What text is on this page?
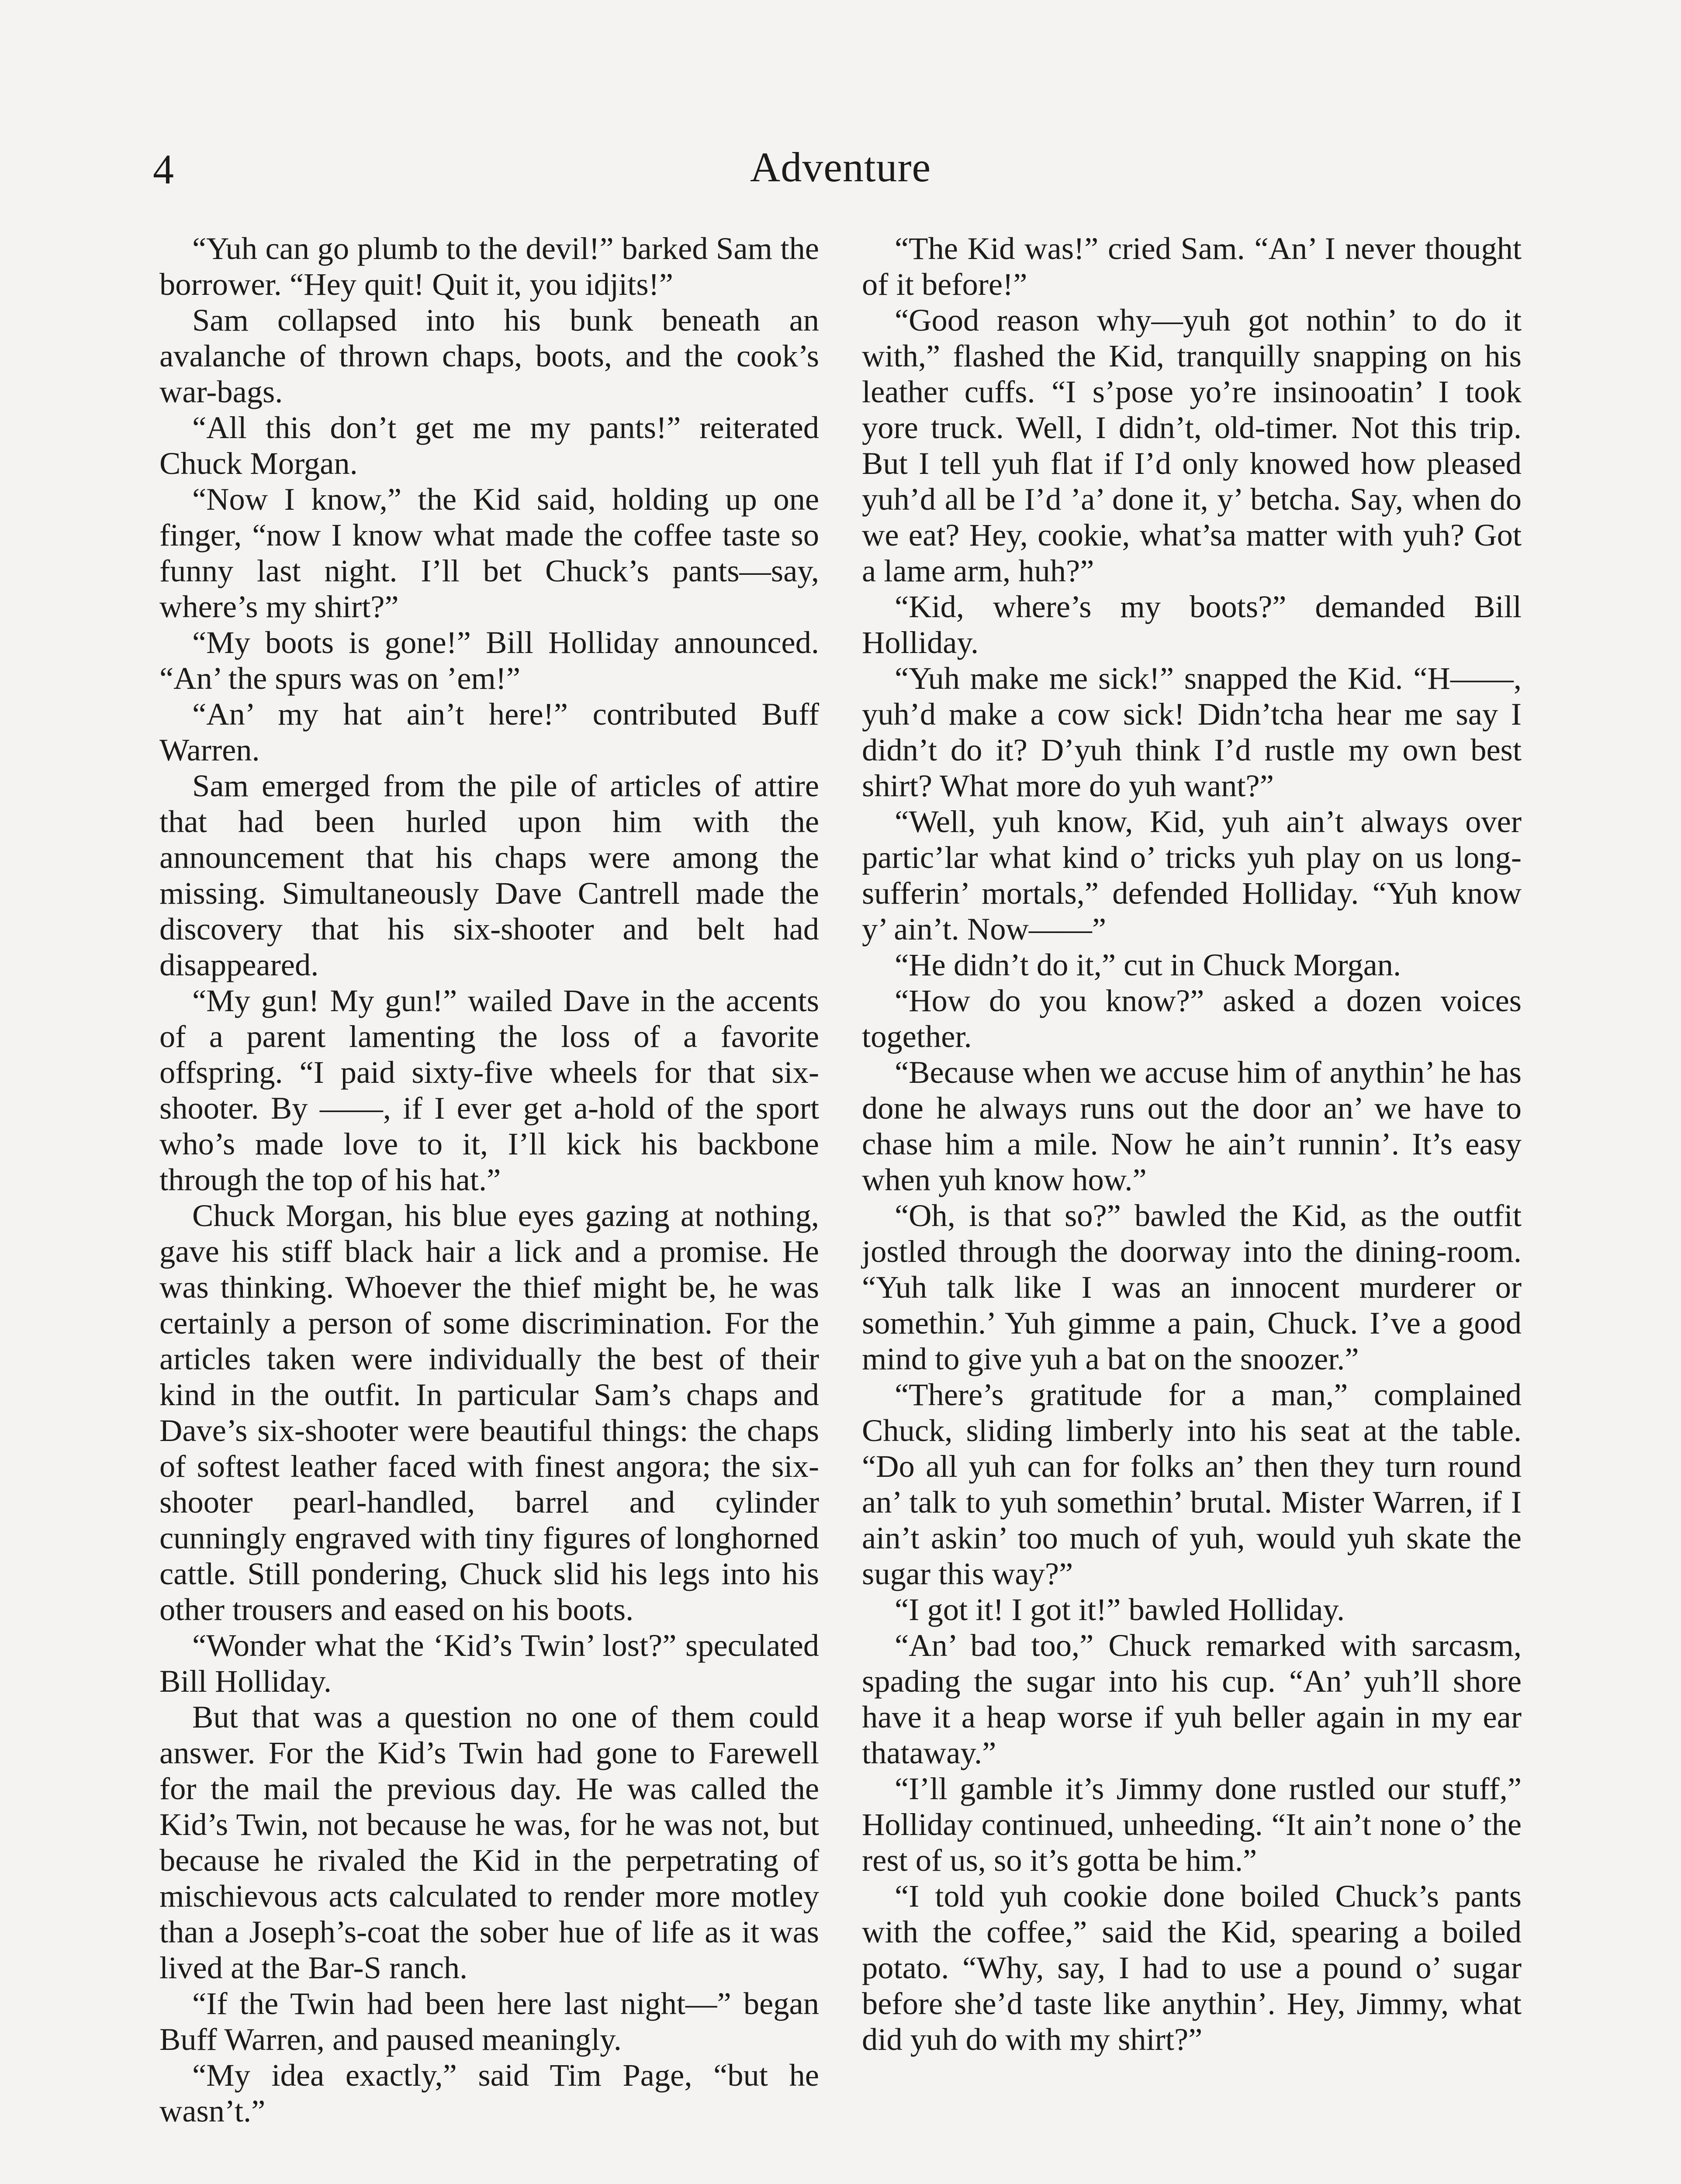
4	Adventure

“Yuh can go plumb to the devil!” barked Sam the borrower. “Hey quit! Quit it, you idjits!”

Sam collapsed into his bunk beneath an avalanche of thrown chaps, boots, and the cook’s war-bags.

“All this don’t get me my pants!” reiterated Chuck Morgan.

“Now I know,” the Kid said, holding up one finger, “now I know what made the coffee taste so funny last night. I’ll bet Chuck’s pants—say, where’s my shirt?”

“My boots is gone!” Bill Holliday announced. “An’ the spurs was on ’em!”

“An’ my hat ain’t here!” contributed Buff Warren.

Sam emerged from the pile of articles of attire that had been hurled upon him with the announcement that his chaps were among the missing. Simultaneously Dave Cantrell made the discovery that his six-shooter and belt had disappeared.

“My gun! My gun!” wailed Dave in the accents of a parent lamenting the loss of a favorite offspring. “I paid sixty-five wheels for that six-shooter. By ——, if I ever get a-hold of the sport who’s made love to it, I’ll kick his backbone through the top of his hat.”

Chuck Morgan, his blue eyes gazing at nothing, gave his stiff black hair a lick and a promise. He was thinking. Whoever the thief might be, he was certainly a person of some discrimination. For the articles taken were individually the best of their kind in the outfit. In particular Sam’s chaps and Dave’s six-shooter were beautiful things: the chaps of softest leather faced with finest angora; the six-shooter pearl-handled, barrel and cylinder cunningly engraved with tiny figures of longhorned cattle. Still pondering, Chuck slid his legs into his other trousers and eased on his boots.

“Wonder what the ‘Kid’s Twin’ lost?” speculated Bill Holliday.

But that was a question no one of them could answer. For the Kid’s Twin had gone to Farewell for the mail the previous day. He was called the Kid’s Twin, not because he was, for he was not, but because he rivaled the Kid in the perpetrating of mischievous acts calculated to render more motley than a Joseph’s-coat the sober hue of life as it was lived at the Bar-S ranch.

“If the Twin had been here last night—” began Buff Warren, and paused meaningly.

“My idea exactly,” said Tim Page, “but he wasn’t.”

“The Kid was!” cried Sam. “An’ I never thought of it before!”

“Good reason why—yuh got nothin’ to do it with,” flashed the Kid, tranquilly snapping on his leather cuffs. “I s’pose yo’re insinooatin’ I took yore truck. Well, I didn’t, old-timer. Not this trip. But I tell yuh flat if I’d only knowed how pleased yuh’d all be I’d ’a’ done it, y’ betcha. Say, when do we eat? Hey, cookie, what’sa matter with yuh? Got a lame arm, huh?”

“Kid, where’s my boots?” demanded Bill Holliday.

“Yuh make me sick!” snapped the Kid. “H——, yuh’d make a cow sick! Didn’tcha hear me say I didn’t do it? D’yuh think I’d rustle my own best shirt? What more do yuh want?”

“Well, yuh know, Kid, yuh ain’t always over partic’lar what kind o’ tricks yuh play on us long-sufferin’ mortals,” defended Holliday. “Yuh know y’ ain’t. Now——”

“He didn’t do it,” cut in Chuck Morgan.

“How do you know?” asked a dozen voices together.

“Because when we accuse him of anythin’ he has done he always runs out the door an’ we have to chase him a mile. Now he ain’t runnin’. It’s easy when yuh know how.”

“Oh, is that so?” bawled the Kid, as the outfit jostled through the doorway into the dining-room. “Yuh talk like I was an innocent murderer or somethin.’ Yuh gimme a pain, Chuck. I’ve a good mind to give yuh a bat on the snoozer.”

“There’s gratitude for a man,” complained Chuck, sliding limberly into his seat at the table. “Do all yuh can for folks an’ then they turn round an’ talk to yuh somethin’ brutal. Mister Warren, if I ain’t askin’ too much of yuh, would yuh skate the sugar this way?”

“I got it! I got it!” bawled Holliday.

“An’ bad too,” Chuck remarked with sarcasm, spading the sugar into his cup. “An’ yuh’ll shore have it a heap worse if yuh beller again in my ear thataway.”

“I’ll gamble it’s Jimmy done rustled our stuff,” Holliday continued, unheeding. “It ain’t none o’ the rest of us, so it’s gotta be him.”

“I told yuh cookie done boiled Chuck’s pants with the coffee,” said the Kid, spearing a boiled potato. “Why, say, I had to use a pound o’ sugar before she’d taste like anythin’. Hey, Jimmy, what did yuh do with my shirt?”
